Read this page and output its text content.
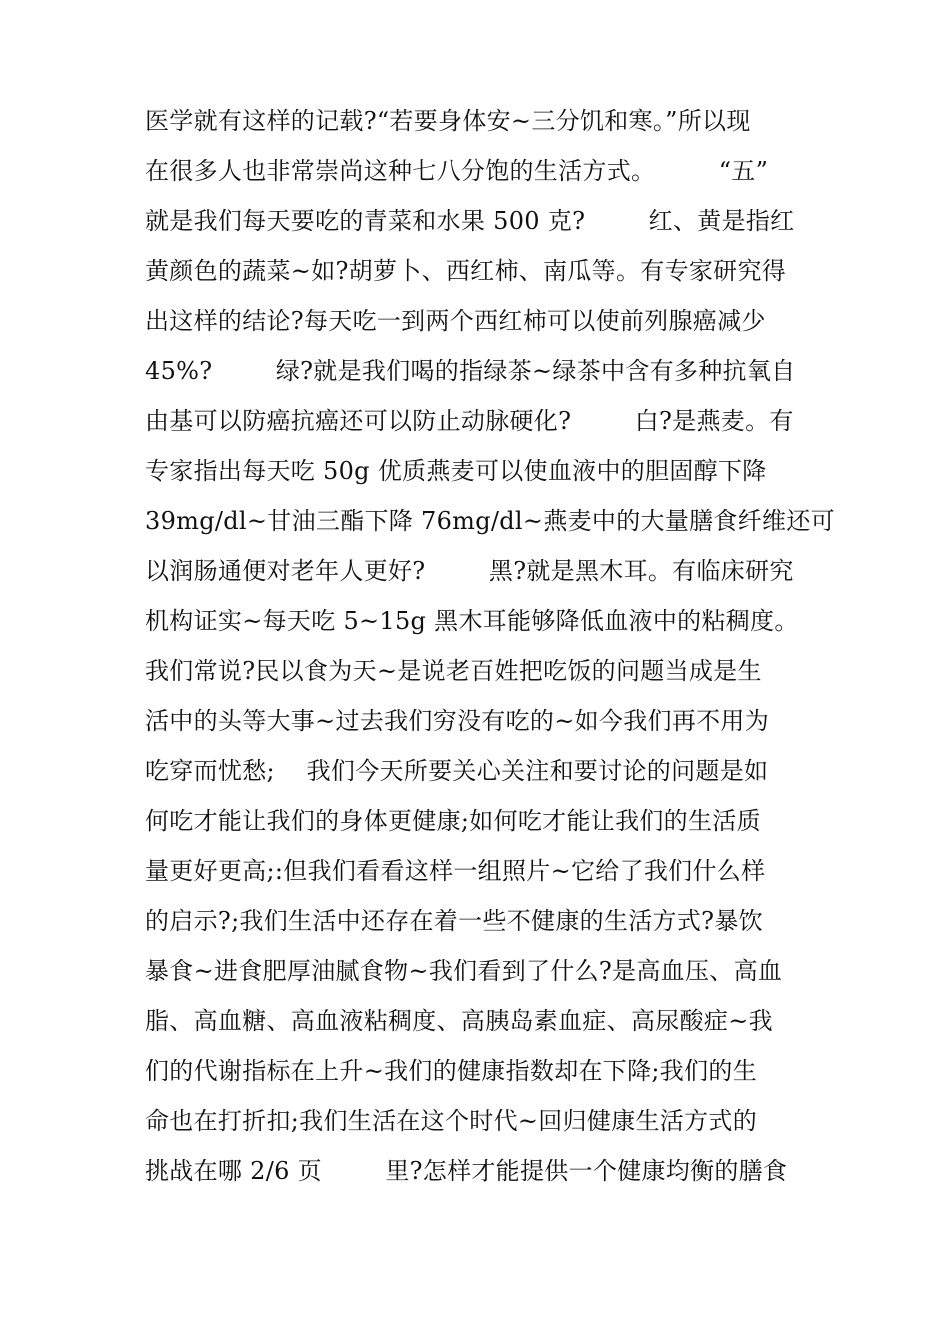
医学就有这样的记载?“若要身体安~三分饥和寒。”所以现
在很多人也非常崇尚这种七八分饱的生活方式。        “五”
就是我们每天要吃的青菜和水果 500 克?        红、黄是指红
黄颜色的蔬菜~如?胡萝卜、西红柿、南瓜等。有专家研究得
出这样的结论?每天吃一到两个西红柿可以使前列腺癌减少
45%?        绿?就是我们喝的指绿茶~绿茶中含有多种抗氧自
由基可以防癌抗癌还可以防止动脉硬化?        白?是燕麦。有
专家指出每天吃 50g 优质燕麦可以使血液中的胆固醇下降
39mg/dl~甘油三酯下降 76mg/dl~燕麦中的大量膳食纤维还可
以润肠通便对老年人更好?        黑?就是黑木耳。有临床研究
机构证实~每天吃 5~15g 黑木耳能够降低血液中的粘稠度。
我们常说?民以食为天~是说老百姓把吃饭的问题当成是生
活中的头等大事~过去我们穷没有吃的~如今我们再不用为
吃穿而忧愁;    我们今天所要关心关注和要讨论的问题是如
何吃才能让我们的身体更健康;如何吃才能让我们的生活质
量更好更高;:但我们看看这样一组照片~它给了我们什么样
的启示?;我们生活中还存在着一些不健康的生活方式?暴饮
暴食~进食肥厚油腻食物~我们看到了什么?是高血压、高血
脂、高血糖、高血液粘稠度、高胰岛素血症、高尿酸症~我
们的代谢指标在上升~我们的健康指数却在下降;我们的生
命也在打折扣;我们生活在这个时代~回归健康生活方式的
挑战在哪 2/6 页        里?怎样才能提供一个健康均衡的膳食
